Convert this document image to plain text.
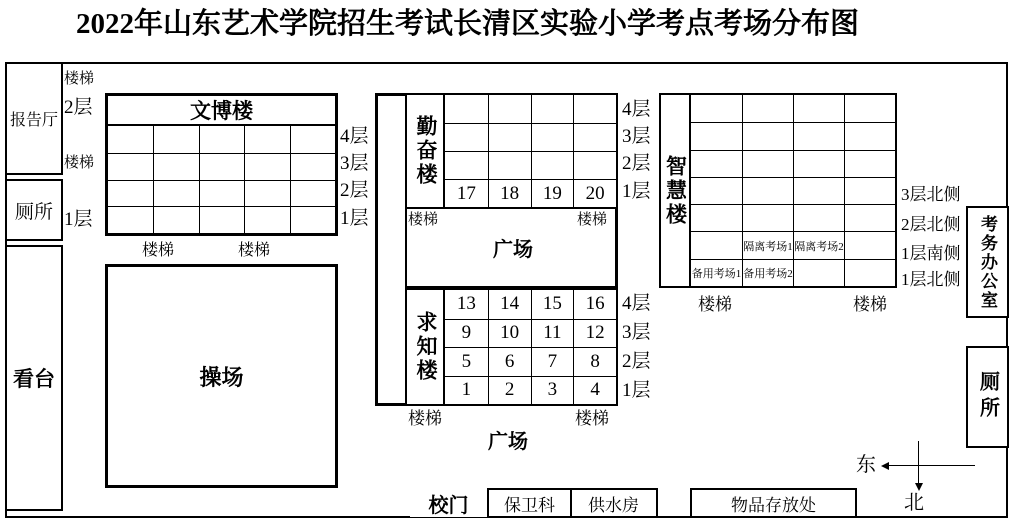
2022年山东艺术学院招生考试长清区实验小学考点考场分布图
报告厅
厕所
看台
楼梯
2层
楼梯
1层
文博楼
4层
3层
2层
1层
楼梯	楼梯
操场
勤奋楼
17	18	19	20
4层
3层
2层
1层
楼梯	楼梯
广场
求知楼
13	14	15	16
9	10	11	12
5	6	7	8
1	2	3	4
4层
3层
2层
1层
楼梯	楼梯
广场
智慧楼
隔离考场1 隔离考场2
备用考场1 备用考场2
3层北侧
2层北侧
1层南侧
1层北侧
楼梯	楼梯	考务办公室
厕所
东
北
校门 保卫科 供水房	物品存放处
